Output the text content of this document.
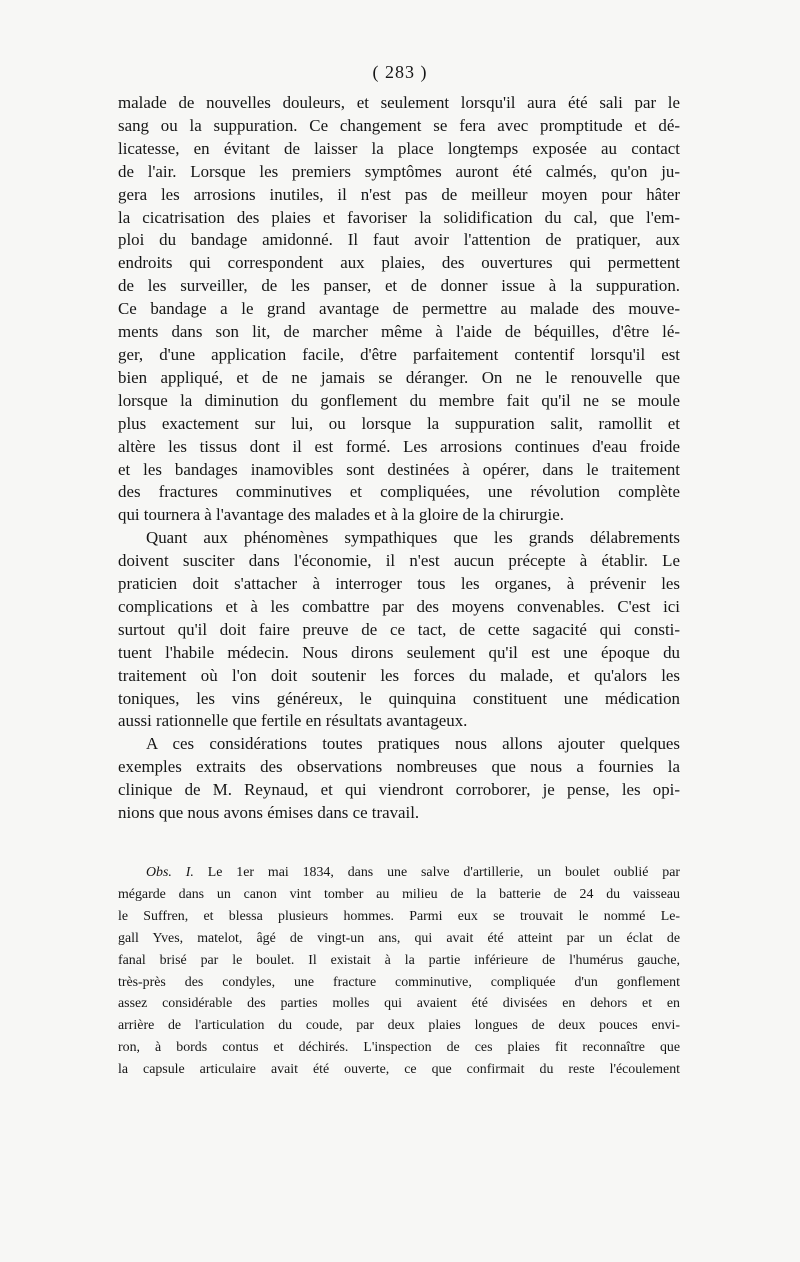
( 283 )
malade de nouvelles douleurs, et seulement lorsqu'il aura été sali par le
sang ou la suppuration. Ce changement se fera avec promptitude et dé-
licatesse, en évitant de laisser la place longtemps exposée au contact
de l'air. Lorsque les premiers symptômes auront été calmés, qu'on ju-
gera les arrosions inutiles, il n'est pas de meilleur moyen pour hâter
la cicatrisation des plaies et favoriser la solidification du cal, que l'em-
ploi du bandage amidonné. Il faut avoir l'attention de pratiquer, aux
endroits qui correspondent aux plaies, des ouvertures qui permettent
de les surveiller, de les panser, et de donner issue à la suppuration.
Ce bandage a le grand avantage de permettre au malade des mouve-
ments dans son lit, de marcher même à l'aide de béquilles, d'être lé-
ger, d'une application facile, d'être parfaitement contentif lorsqu'il est
bien appliqué, et de ne jamais se déranger. On ne le renouvelle que
lorsque la diminution du gonflement du membre fait qu'il ne se moule
plus exactement sur lui, ou lorsque la suppuration salit, ramollit et
altère les tissus dont il est formé. Les arrosions continues d'eau froide
et les bandages inamovibles sont destinées à opérer, dans le traitement
des fractures comminutives et compliquées, une révolution complète
qui tournera à l'avantage des malades et à la gloire de la chirurgie.
Quant aux phénomènes sympathiques que les grands délabrements
doivent susciter dans l'économie, il n'est aucun précepte à établir. Le
praticien doit s'attacher à interroger tous les organes, à prévenir les
complications et à les combattre par des moyens convenables. C'est ici
surtout qu'il doit faire preuve de ce tact, de cette sagacité qui consti-
tuent l'habile médecin. Nous dirons seulement qu'il est une époque du
traitement où l'on doit soutenir les forces du malade, et qu'alors les
toniques, les vins généreux, le quinquina constituent une médication
aussi rationnelle que fertile en résultats avantageux.
A ces considérations toutes pratiques nous allons ajouter quelques
exemples extraits des observations nombreuses que nous a fournies la
clinique de M. Reynaud, et qui viendront corroborer, je pense, les opi-
nions que nous avons émises dans ce travail.
Obs. I. Le 1er mai 1834, dans une salve d'artillerie, un boulet oublié par
mégarde dans un canon vint tomber au milieu de la batterie de 24 du vaisseau
le Suffren, et blessa plusieurs hommes. Parmi eux se trouvait le nommé Le-
gall Yves, matelot, âgé de vingt-un ans, qui avait été atteint par un éclat de
fanal brisé par le boulet. Il existait à la partie inférieure de l'humérus gauche,
très-près des condyles, une fracture comminutive, compliquée d'un gonflement
assez considérable des parties molles qui avaient été divisées en dehors et en
arrière de l'articulation du coude, par deux plaies longues de deux pouces envi-
ron, à bords contus et déchirés. L'inspection de ces plaies fit reconnaître que
la capsule articulaire avait été ouverte, ce que confirmait du reste l'écoulement
